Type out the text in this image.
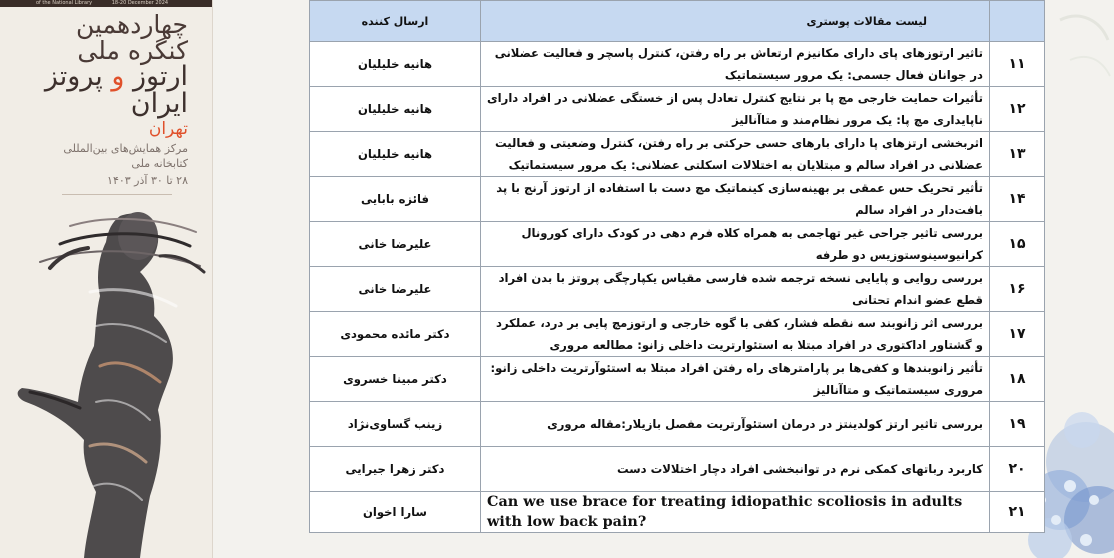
of the National Library	18-20 December 2024
چهاردهمین
کنگره ملی
ارتوز و پروتز
ایران
تهران
مرکز همایش‌های بین‌المللی
کتابخانه ملی
۲۸ تا ۳۰ آذر ۱۴۰۳
	لیست مقالات پوستری	ارسال کننده
۱۱	تاثیر ارتوزهای پای دارای مکانیزم ارتعاش بر راه رفتن، کنترل پاسچر و فعالیت عضلانی در جوانان فعال جسمی: یک مرور سیستماتیک	هانیه خلیلیان
۱۲	تأثیرات حمایت خارجی مچ پا بر نتایج کنترل تعادل پس از خستگی عضلانی در افراد دارای ناپایداری مچ پا: یک مرور نظام‌مند و متاآنالیز	هانیه خلیلیان
۱۳	اثربخشی ارتزهای پا دارای بارهای حسی حرکتی بر راه رفتن، کنترل وضعیتی و فعالیت عضلانی در افراد سالم و مبتلایان به اختلالات اسکلتی عضلانی: یک مرور سیستماتیک	هانیه خلیلیان
۱۴	تأثیر تحریک حس عمقی بر بهینه‌سازی کینماتیک مچ دست با استفاده از ارتوز آرنج با پد بافت‌دار در افراد سالم	فائزه بابایی
۱۵	بررسی تاثیر جراحی غیر تهاجمی به همراه کلاه فرم دهی در کودک دارای کورونال کرانیوسینوستوزیس دو طرفه	علیرضا خانی
۱۶	بررسی روایی و پایایی نسخه ترجمه شده فارسی مقیاس یکپارچگی پروتز با بدن افراد قطع عضو اندام تحتانی	علیرضا خانی
۱۷	بررسی اثر زانوبند سه نقطه فشار، کفی با گوه خارجی و ارتوزمچ پایی بر درد، عملکرد و گشتاور اداکتوری در افراد مبتلا به استئوارتریت داخلی زانو: مطالعه مروری	دکتر مائده محمودی
۱۸	تأثیر زانوبندها و کفی‌ها بر پارامترهای راه رفتن افراد مبتلا به استئوآرتریت داخلی زانو: مروری سیستماتیک و متاآنالیز	دکتر مبینا خسروی
۱۹	بررسی تاثیر ارتز کولدینتز در درمان استئوآرتریت مفصل بازیلار:مقاله مروری	زینب گساوی‌نژاد
۲۰	کاربرد رباتهای کمکی نرم در توانبخشی افراد دچار اختلالات دست	دکتر زهرا جیرایی
۲۱	Can we use brace for treating idiopathic scoliosis in adults with low back pain?	سارا اخوان
